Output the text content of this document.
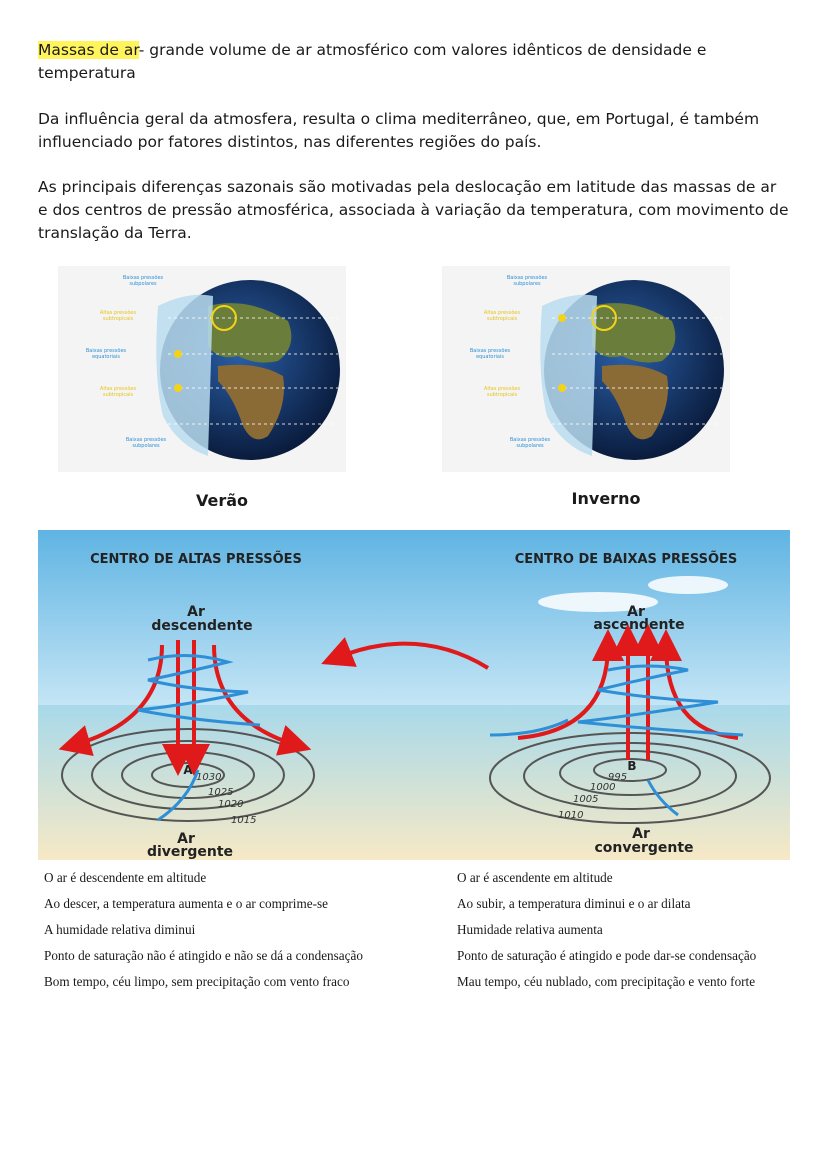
Massas de ar- grande volume de ar atmosférico com valores idênticos de densidade e temperatura

Da influência geral da atmosfera, resulta o clima mediterrâneo, que, em Portugal, é também influenciado por fatores distintos, nas diferentes regiões do país.

As principais diferenças sazonais são motivadas pela deslocação em latitude das massas de ar e dos centros de pressão atmosférica, associada à variação da temperatura, com movimento de translação da Terra.

Baixas pressões
subpolares
Altas pressões
subtropicais
Baixas pressões
equatoriais
Altas pressões
subtropicais
Baixas pressões
subpolares
Baixas pressões
subpolares
Altas pressões
subtropicais
Baixas pressões
equatoriais
Altas pressões
subtropicais
Baixas pressões
subpolares
Verão	Inverno
CENTRO DE ALTAS PRESSÕES	CENTRO DE BAIXAS PRESSÕES
Ar
descendente
Ar
ascendente
Ar
divergente
Ar
convergente
1030
1025
1020
1015
A
995
1000
1005
1010
B
O ar é descendente em altitude
Ao descer, a temperatura aumenta e o ar comprime-se
A humidade relativa diminui
Ponto de saturação não é atingido e não se dá a condensação
Bom tempo, céu limpo, sem precipitação com vento fraco
O ar é ascendente em altitude
Ao subir, a temperatura diminui e o ar dilata
Humidade relativa aumenta
Ponto de saturação é atingido e pode dar-se condensação
Mau tempo, céu nublado, com precipitação e vento forte
